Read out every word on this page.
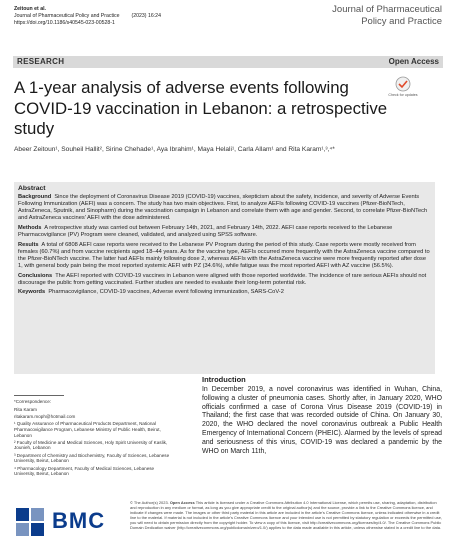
Zeitoun et al.
Journal of Pharmaceutical Policy and Practice (2023) 16:24
https://doi.org/10.1186/s40545-023-00528-1
Journal of Pharmaceutical
Policy and Practice
RESEARCH	Open Access
Check for updates
A 1-year analysis of adverse events following COVID-19 vaccination in Lebanon: a retrospective study
Abeer Zeitoun¹, Souheil Hallit², Sirine Chehade¹, Aya Ibrahim¹, Maya Helali¹, Carla Allam¹ and Rita Karam¹,³,⁴*
Abstract

Background Since the deployment of Coronavirus Disease 2019 (COVID-19) vaccines, skepticism about the safety, incidence, and severity of Adverse Events Following Immunization (AEFI) was a concern. The study has two main objectives. First, to analyze AEFIs following COVID-19 vaccines (Pfizer-BioNTech, AstraZeneca, Sputnik, and Sinopharm) during the vaccination campaign in Lebanon and correlate them with age and gender. Second, to correlate Pfizer-BioNTech and AstraZeneca vaccines' AEFI with the dose administered.

Methods A retrospective study was carried out between February 14th, 2021, and February 14th, 2022. AEFI case reports received to the Lebanese Pharmacovigilance (PV) Program were cleaned, validated, and analyzed using SPSS software.

Results A total of 6808 AEFI case reports were received to the Lebanese PV Program during the period of this study. Case reports were mostly received from females (60.7%) and from vaccine recipients aged 18–44 years. As for the vaccine type, AEFIs occurred more frequently with the AstraZeneca vaccine compared to the Pfizer-BioNTech vaccine. The latter had AEFIs mainly following dose 2, whereas AEFIs with the AstraZeneca vaccine were more frequently reported after dose 1, with general body pain being the most reported systemic AEFI with PZ (34.6%), while fatigue was the most reported AEFI with AZ vaccine (56.5%).

Conclusions The AEFI reported with COVID-19 vaccines in Lebanon were aligned with those reported worldwide. The incidence of rare serious AEFIs should not discourage the public from getting vaccinated. Further studies are needed to evaluate their long-term potential risk.

Keywords Pharmacovigilance, COVID-19 vaccines, Adverse event following immunization, SARS-CoV-2

*Correspondence:

Rita Karam

ritakaram.moph@hotmail.com

¹ Quality Assurance of Pharmaceutical Products Department, National Pharmacovigilance Program, Lebanese Ministry of Public Health, Beirut, Lebanon

² Faculty of Medicine and Medical Sciences, Holy Spirit University of Kaslik, Jounieh, Lebanon

³ Department of Chemistry and Biochemistry, Faculty of Sciences, Lebanese University, Beirut, Lebanon

⁴ Pharmacology Department, Faculty of Medical Sciences, Lebanese University, Beirut, Lebanon

Introduction

In December 2019, a novel coronavirus was identified in Wuhan, China, following a cluster of pneumonia cases. Shortly after, in January 2020, WHO officials confirmed a case of Corona Virus Disease 2019 (COVID-19) in Thailand; the first case that was recorded outside of China. On January 30, 2020, the WHO declared the novel coronavirus outbreak a Public Health Emergency of International Concern (PHEIC). Alarmed by the levels of spread and seriousness of this virus, COVID-19 was declared a pandemic by the WHO on March 11th,

BMC
© The Author(s) 2023. Open Access This article is licensed under a Creative Commons Attribution 4.0 International License, which permits use, sharing, adaptation, distribution and reproduction in any medium or format, as long as you give appropriate credit to the original author(s) and the source, provide a link to the Creative Commons licence, and indicate if changes were made. The images or other third party material in this article are included in the article's Creative Commons licence, unless indicated otherwise in a credit line to the material. If material is not included in the article's Creative Commons licence and your intended use is not permitted by statutory regulation or exceeds the permitted use, you will need to obtain permission directly from the copyright holder. To view a copy of this licence, visit http://creativecommons.org/licenses/by/4.0/. The Creative Commons Public Domain Dedication waiver (http://creativecommons.org/publicdomain/zero/1.0/) applies to the data made available in this article, unless otherwise stated in a credit line to the data.
